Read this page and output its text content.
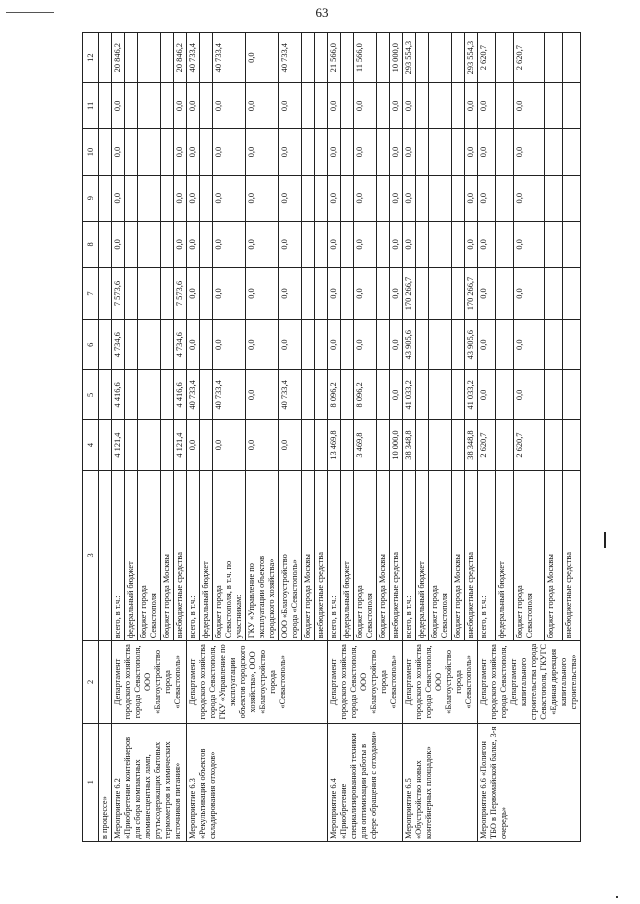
63
1	2	3	4	5	6	7	8	9	10	11	12
в процессе»											
Мероприятие 6.2 «Приобретение контейнеров для сбора компактных люминесцентных ламп, ртутьсодержащих бытовых термометров и химических источников питания»	Департамент городского хозяйства города Севастополя, ООО «Благоустройство города «Севастополь»	всего, в т.ч.:	4 121,4	4 416,6	4 734,6	7 573,6	0,0	0,0	0,0	0,0	20 846,2

		федеральный бюджет									

		бюджет города Севастополя									

		бюджет города Москвы									

		внебюджетные средства	4 121,4	4 416,6	4 734,6	7 573,6	0,0	0,0	0,0	0,0	20 846,2
Мероприятие 6.3 «Рекультивация объектов складирования отходов»	Департамент городского хозяйства города Севастополя, ГКУ «Управление по эксплуатации объектов городского хозяйства», ООО «Благоустройство города «Севастополь»	всего, в т.ч.:	0,0	40 733,4	0,0	0,0	0,0	0,0	0,0	0,0	40 733,4

		федеральный бюджет									

		бюджет города Севастополя, в т.ч. по участникам:	0,0	40 733,4	0,0	0,0	0,0	0,0	0,0	0,0	40 733,4

		ГКУ «Управление по эксплуатации объектов городского хозяйства»	0,0	0,0	0,0	0,0	0,0	0,0	0,0	0,0	0,0

		ООО «Благоустройство города «Севастополь»	0,0	40 733,4	0,0	0,0	0,0	0,0	0,0	0,0	40 733,4

		бюджет города Москвы									

		внебюджетные средства									

Мероприятие 6.4 «Приобретение специализированной техники для оптимизации работы в сфере обращения с отходами»	Департамент городского хозяйства города Севастополя, ООО «Благоустройство города «Севастополь»	всего, в т.ч.:	13 469,8	8 096,2	0,0	0,0	0,0	0,0	0,0	0,0	21 566,0

		федеральный бюджет									

		бюджет города Севастополя	3 469,8	8 096,2	0,0	0,0	0,0	0,0	0,0	0,0	11 566,0

		бюджет города Москвы									

		внебюджетные средства	10 000,0	0,0	0,0	0,0	0,0	0,0	0,0	0,0	10 000,0
Мероприятие 6.5 «Обустройство новых контейнерных площадок»	Департамент городского хозяйства города Севастополя, ООО «Благоустройство города «Севастополь»	всего, в т.ч.:	38 348,8	41 033,2	43 905,6	170 266,7	0,0	0,0	0,0	0,0	293 554,3

		федеральный бюджет									

		бюджет города Севастополя									

		бюджет города Москвы									

		внебюджетные средства	38 348,8	41 033,2	43 905,6	170 266,7	0,0	0,0	0,0	0,0	293 554,3
Мероприятие 6.6 «Полигон ТБО в Первомайской балке, 3-я очередь»	Департамент городского хозяйства города Севастополя, Департамент капитального строительства города Севастополя, ГКУГС «Единая дирекция капитального строительства»	всего, в т.ч.:	2 620,7	0,0	0,0	0,0	0,0	0,0	0,0	0,0	2 620,7

		федеральный бюджет									

		бюджет города Севастополя	2 620,7	0,0	0,0	0,0	0,0	0,0	0,0	0,0	2 620,7

		бюджет города Москвы									

		внебюджетные средства									
